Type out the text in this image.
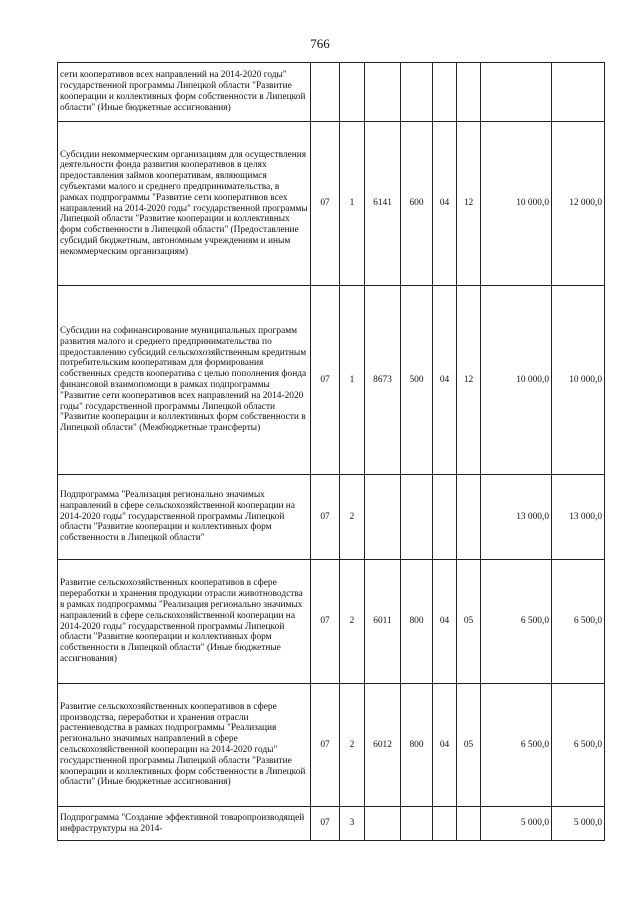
766
сети кооперативов всех направлений на 2014-2020 годы" государственной программы Липецкой области "Развитие кооперации и коллективных форм собственности в Липецкой области" (Иные бюджетные ассигнования)								
Субсидии некоммерческим организациям для осуществления деятельности фонда развития кооперативов в целях предоставления займов кооперативам, являющимся субъектами малого и среднего предпринимательства, в рамках подпрограммы "Развитие сети кооперативов всех направлений на 2014-2020 годы" государственной программы Липецкой области "Развитие кооперации и коллективных форм собственности в Липецкой области" (Предоставление субсидий бюджетным, автономным учреждениям и иным некоммерческим организациям)	07	1	6141	600	04	12	10 000,0	12 000,0
Субсидии на софинансирование муниципальных программ развития малого и среднего предпринимательства по предоставлению субсидий сельскохозяйственным кредитным потребительским кооперативам для формирования собственных средств кооператива с целью пополнения фонда финансовой взаимопомощи в рамках подпрограммы "Развитие сети кооперативов всех направлений на 2014-2020 годы" государственной программы Липецкой области "Развитие кооперации и коллективных форм собственности в Липецкой области" (Межбюджетные трансферты)	07	1	8673	500	04	12	10 000,0	10 000,0
Подпрограмма "Реализация регионально значимых направлений в сфере сельскохозяйственной кооперации на 2014-2020 годы" государственной программы Липецкой области "Развитие кооперации и коллективных форм собственности в Липецкой области"	07	2					13 000,0	13 000,0
Развитие сельскохозяйственных кооперативов в сфере переработки и хранения продукции отрасли животноводства в рамках подпрограммы "Реализация регионально значимых направлений в сфере сельскохозяйственной кооперации на 2014-2020 годы" государственной программы Липецкой области "Развитие кооперации и коллективных форм собственности в Липецкой области" (Иные бюджетные ассигнования)	07	2	6011	800	04	05	6 500,0	6 500,0
Развитие сельскохозяйственных кооперативов в сфере производства, переработки и хранения отрасли растениеводства в рамках подпрограммы "Реализация регионально значимых направлений в сфере сельскохозяйственной кооперации на 2014-2020 годы" государственной программы Липецкой области "Развитие кооперации и коллективных форм собственности в Липецкой области" (Иные бюджетные ассигнования)	07	2	6012	800	04	05	6 500,0	6 500,0
Подпрограмма "Создание эффективной товаропроизводящей инфраструктуры на 2014-	07	3					5 000,0	5 000,0
